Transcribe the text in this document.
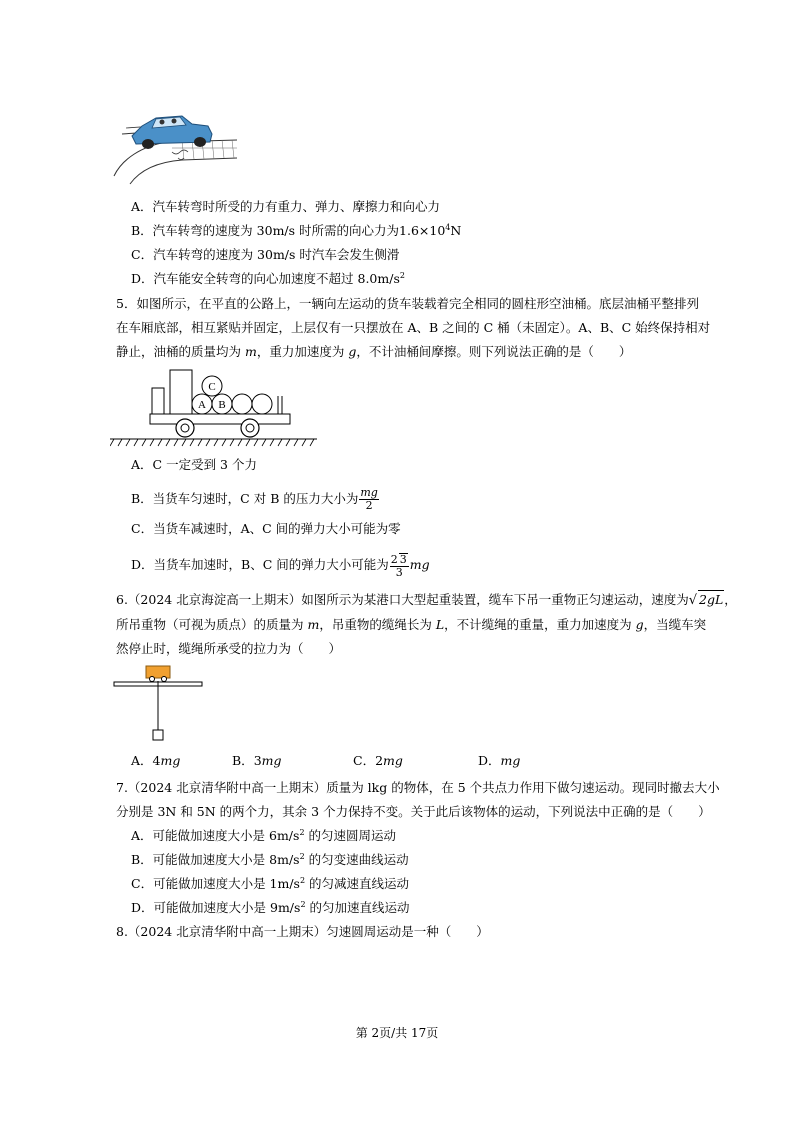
A．汽车转弯时所受的力有重力、弹力、摩擦力和向心力
B．汽车转弯的速度为 30m/s 时所需的向心力为$1.6\times 10^4N$
C．汽车转弯的速度为 30m/s 时汽车会发生侧滑
D．汽车能安全转弯的向心加速度不超过 $8.0m/s^2$
5．如图所示，在平直的公路上，一辆向左运动的货车装载着完全相同的圆柱形空油桶。底层油桶平整排列
在车厢底部，相互紧贴并固定，上层仅有一只摆放在 A、B 之间的 C 桶（未固定）。A、B、C 始终保持相对
静止，油桶的质量均为 m，重力加速度为 g，不计油桶间摩擦。则下列说法正确的是（　　）
A B
C
A．C 一定受到 3 个力
B．当货车匀速时，C 对 B 的压力大小为 $\frac{mg}{2}$
C．当货车减速时，A、C 间的弹力大小可能为零
D．当货车加速时，B、C 间的弹力大小可能为 $\frac{2 3}{3}$ mg
6.（2024 北京海淀高一上期末）如图所示为某港口大型起重装置，缆车下吊一重物正匀速运动，速度为√ 2gL，
所吊重物（可视为质点）的质量为 m，吊重物的缆绳长为 L，不计缆绳的重量，重力加速度为 g，当缆车突
然停止时，缆绳所承受的拉力为（　　）
A．4mg	B．3mg	C．2mg	D．mg
7.（2024 北京清华附中高一上期末）质量为 lkg 的物体，在 5 个共点力作用下做匀速运动。现同时撤去大小
分别是 3N 和 5N 的两个力，其余 3 个力保持不变。关于此后该物体的运动，下列说法中正确的是（　　）
A．可能做加速度大小是 $6m/s^2$ 的匀速圆周运动
B．可能做加速度大小是 $8m/s^2$ 的匀变速曲线运动
C．可能做加速度大小是 $1m/s^2$ 的匀减速直线运动
D．可能做加速度大小是 $9m/s^2$ 的匀加速直线运动
8.（2024 北京清华附中高一上期末）匀速圆周运动是一种（　　）
第 2页/共 17页
